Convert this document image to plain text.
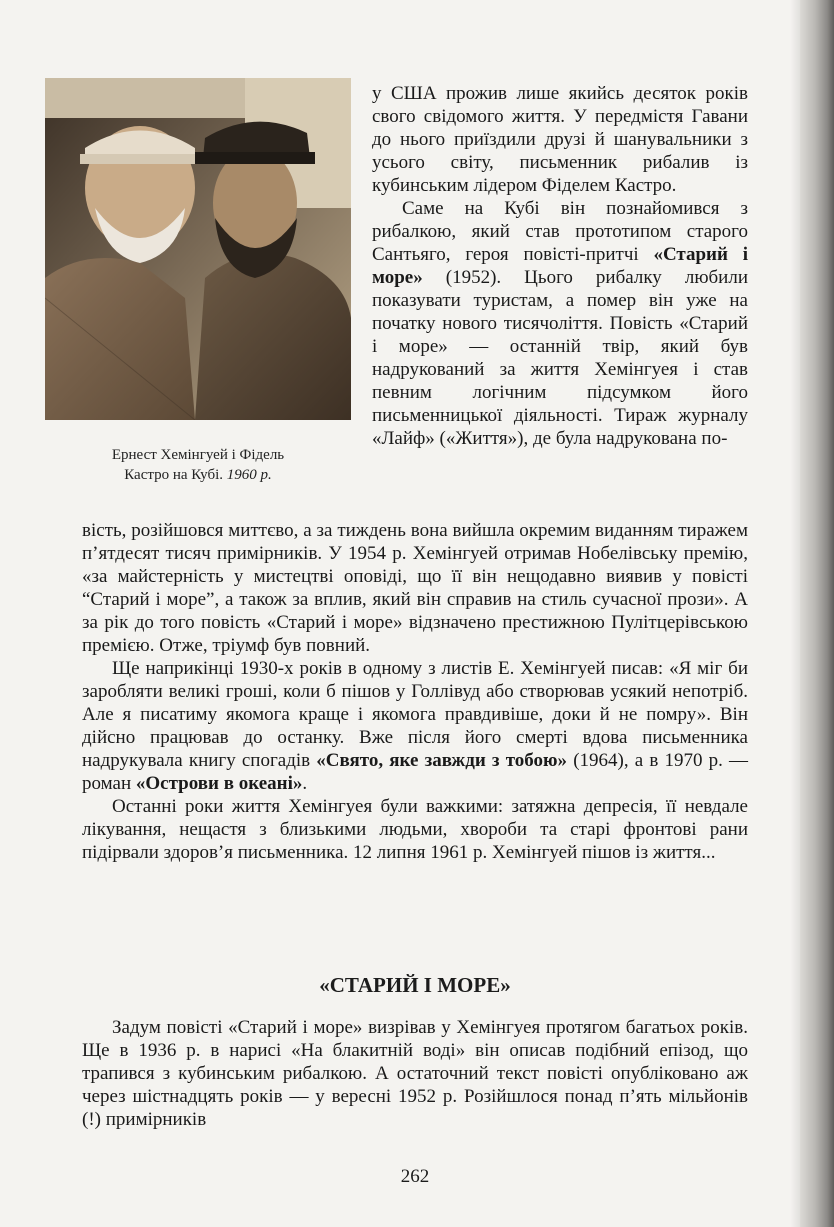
Ернест Хемінгуей і Фідель
Кастро на Кубі. 1960 р.

у США прожив лише якийсь десяток років свого свідомого життя. У передмістя Гавани до нього приїздили друзі й шанувальники з усього світу, письменник рибалив із кубинським лідером Фіделем Кастро.

Саме на Кубі він познайомився з рибалкою, який став прототипом старого Сантьяго, героя повісті-притчі «Старий і море» (1952). Цього рибалку любили показувати туристам, а помер він уже на початку нового тисячоліття. Повість «Старий і море» — останній твір, який був надрукований за життя Хемінгуея і став певним логічним підсумком його письменницької діяльності. Тираж журналу «Лайф» («Життя»), де була надрукована по-

вість, розійшовся миттєво, а за тиждень вона вийшла окремим виданням тиражем п’ятдесят тисяч примірників. У 1954 р. Хемінгуей отримав Нобелівську премію, «за майстерність у мистецтві оповіді, що її він нещодавно виявив у повісті “Старий і море”, а також за вплив, який він справив на стиль сучасної прози». А за рік до того повість «Старий і море» відзначено престижною Пулітцерівською премією. Отже, тріумф був повний.

Ще наприкінці 1930-х років в одному з листів Е. Хемінгуей писав: «Я міг би заробляти великі гроші, коли б пішов у Голлівуд або створював усякий непотріб. Але я писатиму якомога краще і якомога правдивіше, доки й не помру». Він дійсно працював до останку. Вже після його смерті вдова письменника надрукувала книгу спогадів «Свято, яке завжди з тобою» (1964), а в 1970 р. — роман «Острови в океані».

Останні роки життя Хемінгуея були важкими: затяжна депресія, її невдале лікування, нещастя з близькими людьми, хвороби та старі фронтові рани підірвали здоров’я письменника. 12 липня 1961 р. Хемінгуей пішов із життя...

«СТАРИЙ І МОРЕ»

Задум повісті «Старий і море» визрівав у Хемінгуея протягом багатьох років. Ще в 1936 р. в нарисі «На блакитній воді» він описав подібний епізод, що трапився з кубинським рибалкою. А остаточний текст повісті опубліковано аж через шістнадцять років — у вересні 1952 р. Розійшлося понад п’ять мільйонів (!) примірників

262
